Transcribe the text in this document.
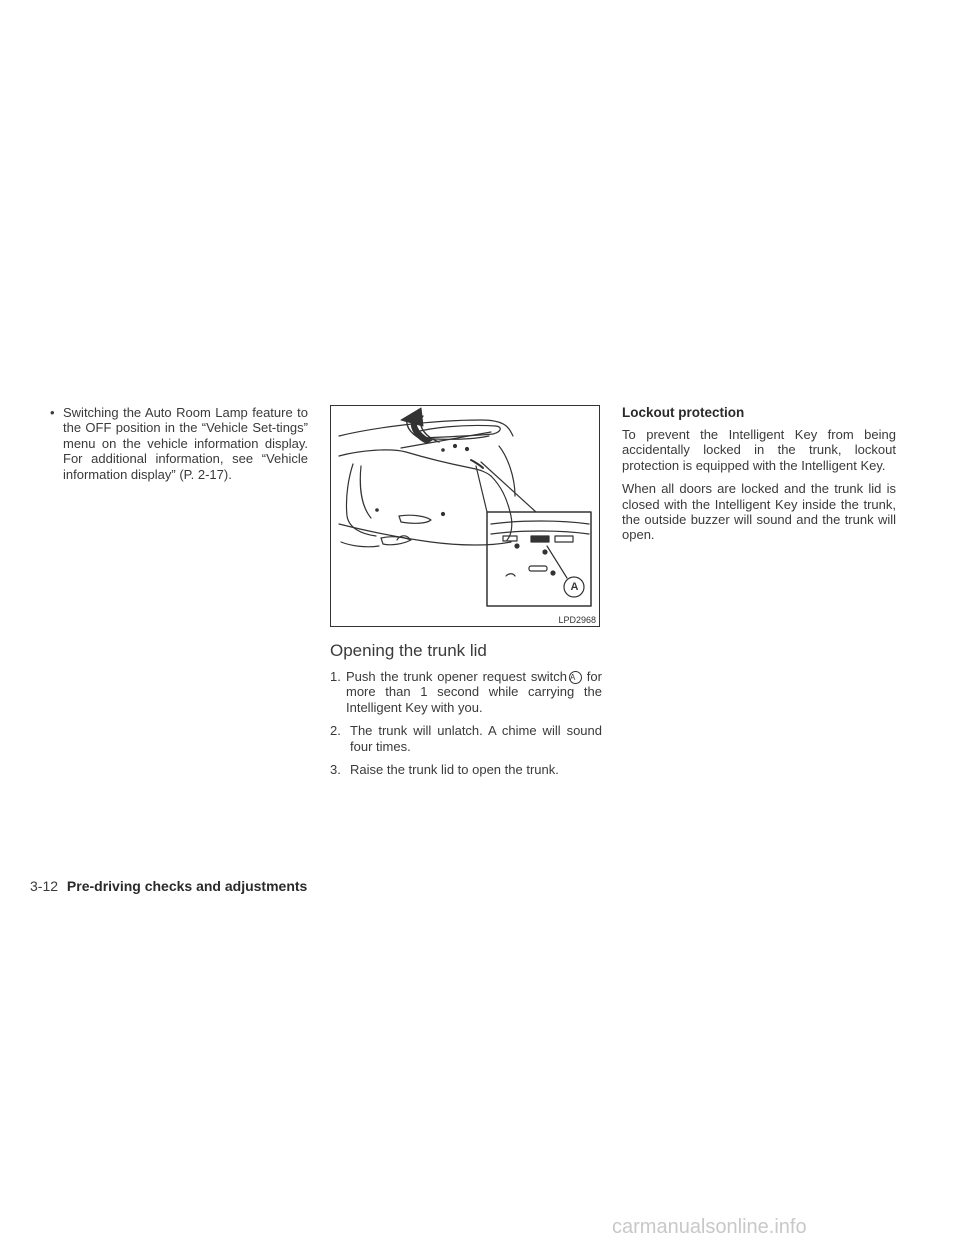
• Switching the Auto Room Lamp feature to the OFF position in the “Vehicle Set-tings” menu on the vehicle information display. For additional information, see “Vehicle information display” (P. 2-17).
A
LPD2968
Opening the trunk lid
1. Push the trunk opener request switch A for more than 1 second while carrying the Intelligent Key with you.
2. The trunk will unlatch. A chime will sound four times.
3. Raise the trunk lid to open the trunk.
Lockout protection

To prevent the Intelligent Key from being accidentally locked in the trunk, lockout protection is equipped with the Intelligent Key.

When all doors are locked and the trunk lid is closed with the Intelligent Key inside the trunk, the outside buzzer will sound and the trunk will open.

3-12 Pre-driving checks and adjustments
carmanualsonline.info
